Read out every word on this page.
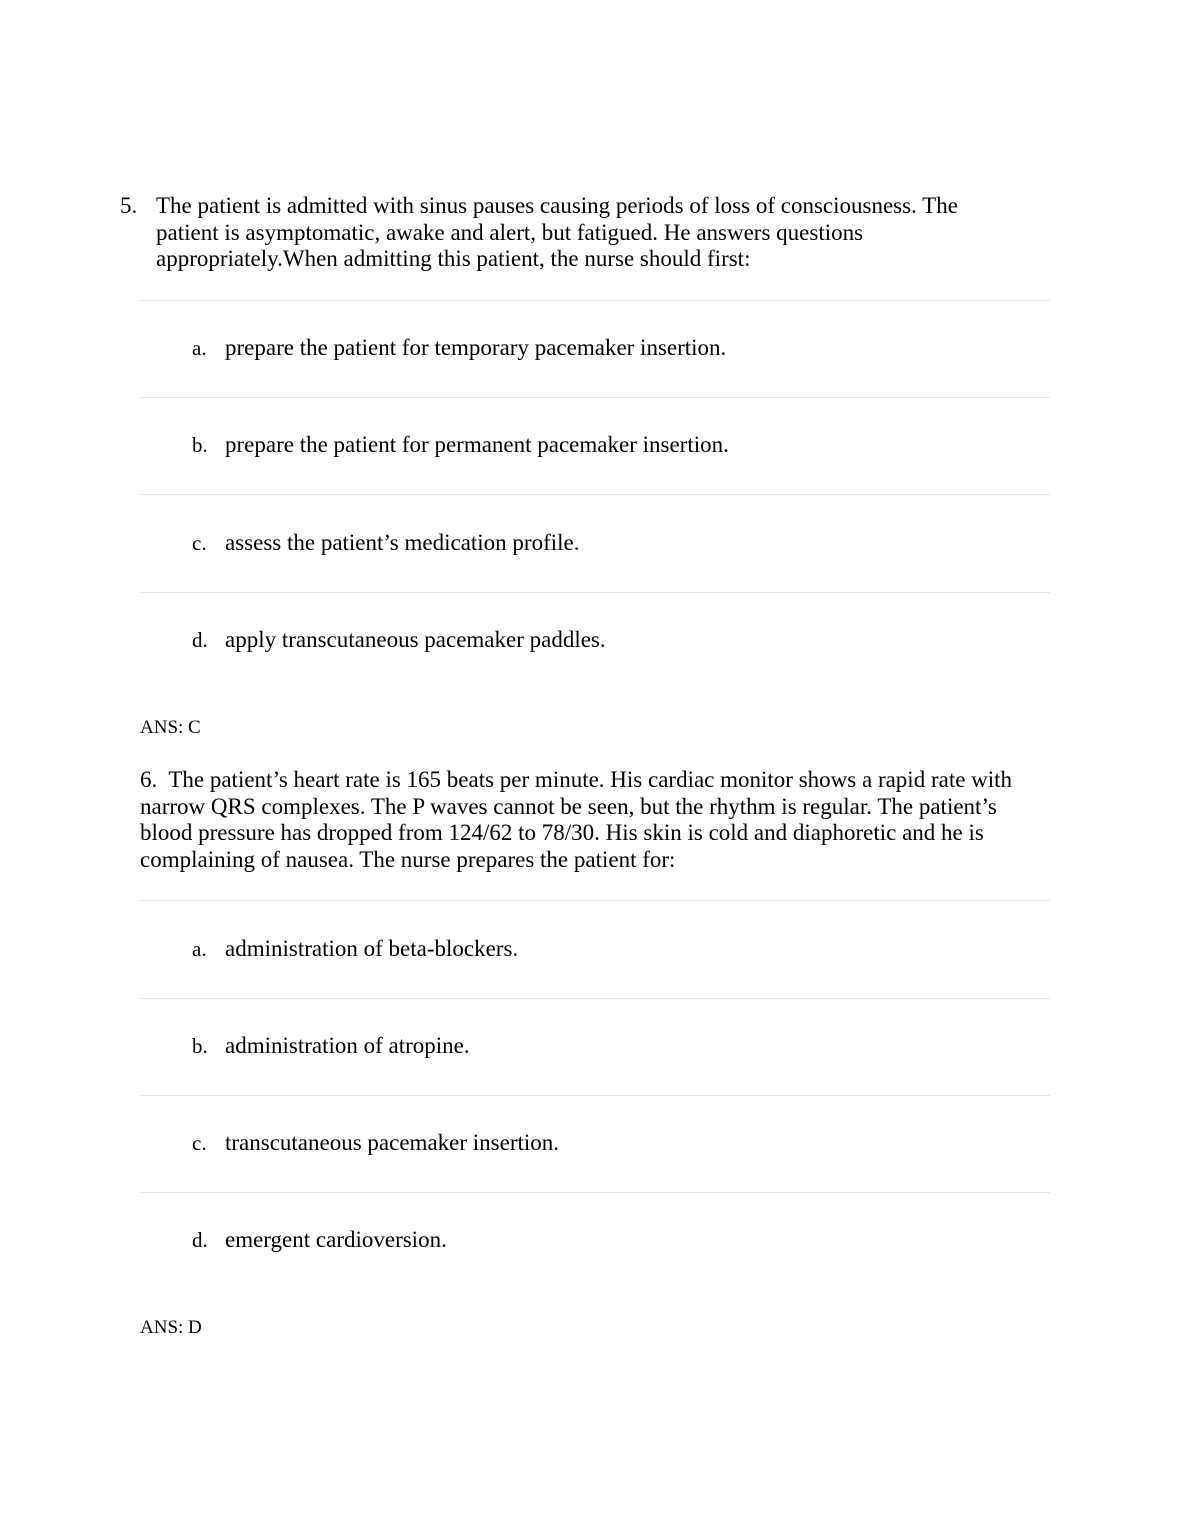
5. The patient is admitted with sinus pauses causing periods of loss of consciousness. The patient is asymptomatic, awake and alert, but fatigued. He answers questions appropriately.When admitting this patient, the nurse should first:
a. prepare the patient for temporary pacemaker insertion.
b. prepare the patient for permanent pacemaker insertion.
c. assess the patient’s medication profile.
d. apply transcutaneous pacemaker paddles.
ANS: C
6. The patient’s heart rate is 165 beats per minute. His cardiac monitor shows a rapid rate with narrow QRS complexes. The P waves cannot be seen, but the rhythm is regular. The patient’s blood pressure has dropped from 124/62 to 78/30. His skin is cold and diaphoretic and he is complaining of nausea. The nurse prepares the patient for:
a. administration of beta-blockers.
b. administration of atropine.
c. transcutaneous pacemaker insertion.
d. emergent cardioversion.
ANS: D
